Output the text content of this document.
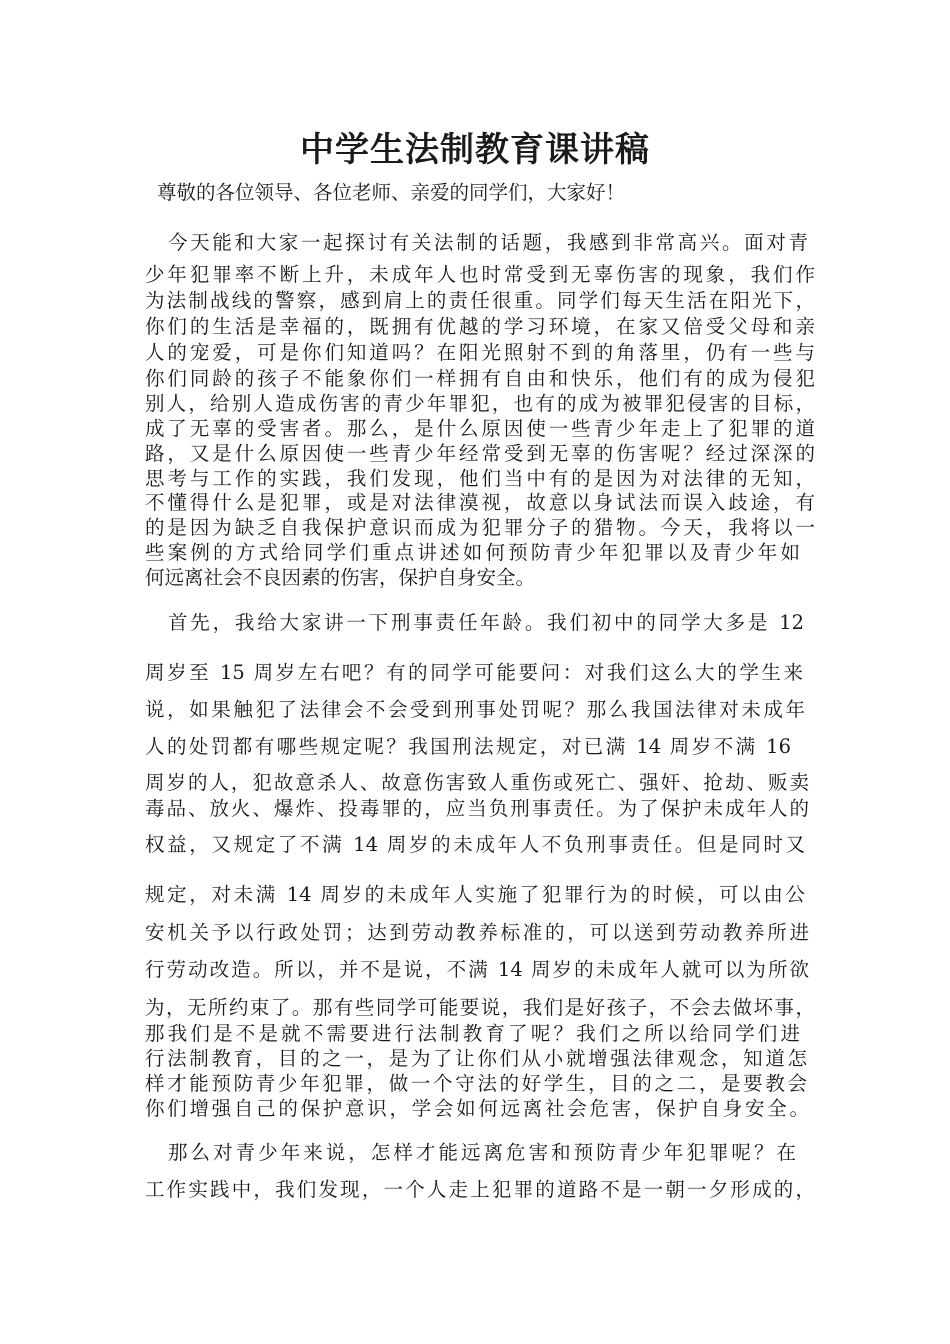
中学生法制教育课讲稿
尊敬的各位领导、各位老师、亲爱的同学们，大家好！
今天能和大家一起探讨有关法制的话题，我感到非常高兴。面对青
少年犯罪率不断上升，未成年人也时常受到无辜伤害的现象，我们作
为法制战线的警察，感到肩上的责任很重。同学们每天生活在阳光下，
你们的生活是幸福的，既拥有优越的学习环境，在家又倍受父母和亲
人的宠爱，可是你们知道吗？在阳光照射不到的角落里，仍有一些与
你们同龄的孩子不能象你们一样拥有自由和快乐，他们有的成为侵犯
别人，给别人造成伤害的青少年罪犯，也有的成为被罪犯侵害的目标，
成了无辜的受害者。那么，是什么原因使一些青少年走上了犯罪的道
路，又是什么原因使一些青少年经常受到无辜的伤害呢？经过深深的
思考与工作的实践，我们发现，他们当中有的是因为对法律的无知，
不懂得什么是犯罪，或是对法律漠视，故意以身试法而误入歧途，有
的是因为缺乏自我保护意识而成为犯罪分子的猎物。今天，我将以一
些案例的方式给同学们重点讲述如何预防青少年犯罪以及青少年如
何远离社会不良因素的伤害，保护自身安全。
首先，我给大家讲一下刑事责任年龄。我们初中的同学大多是 12
周岁至 15 周岁左右吧？有的同学可能要问：对我们这么大的学生来
说，如果触犯了法律会不会受到刑事处罚呢？那么我国法律对未成年
人的处罚都有哪些规定呢？我国刑法规定，对已满 14 周岁不满 16
周岁的人，犯故意杀人、故意伤害致人重伤或死亡、强奸、抢劫、贩卖
毒品、放火、爆炸、投毒罪的，应当负刑事责任。为了保护未成年人的
权益，又规定了不满 14 周岁的未成年人不负刑事责任。但是同时又
规定，对未满 14 周岁的未成年人实施了犯罪行为的时候，可以由公
安机关予以行政处罚；达到劳动教养标准的，可以送到劳动教养所进
行劳动改造。所以，并不是说，不满 14 周岁的未成年人就可以为所欲
为，无所约束了。那有些同学可能要说，我们是好孩子，不会去做坏事，
那我们是不是就不需要进行法制教育了呢？我们之所以给同学们进
行法制教育，目的之一，是为了让你们从小就增强法律观念，知道怎
样才能预防青少年犯罪，做一个守法的好学生，目的之二，是要教会
你们增强自己的保护意识，学会如何远离社会危害，保护自身安全。
那么对青少年来说，怎样才能远离危害和预防青少年犯罪呢？在
工作实践中，我们发现，一个人走上犯罪的道路不是一朝一夕形成的，
